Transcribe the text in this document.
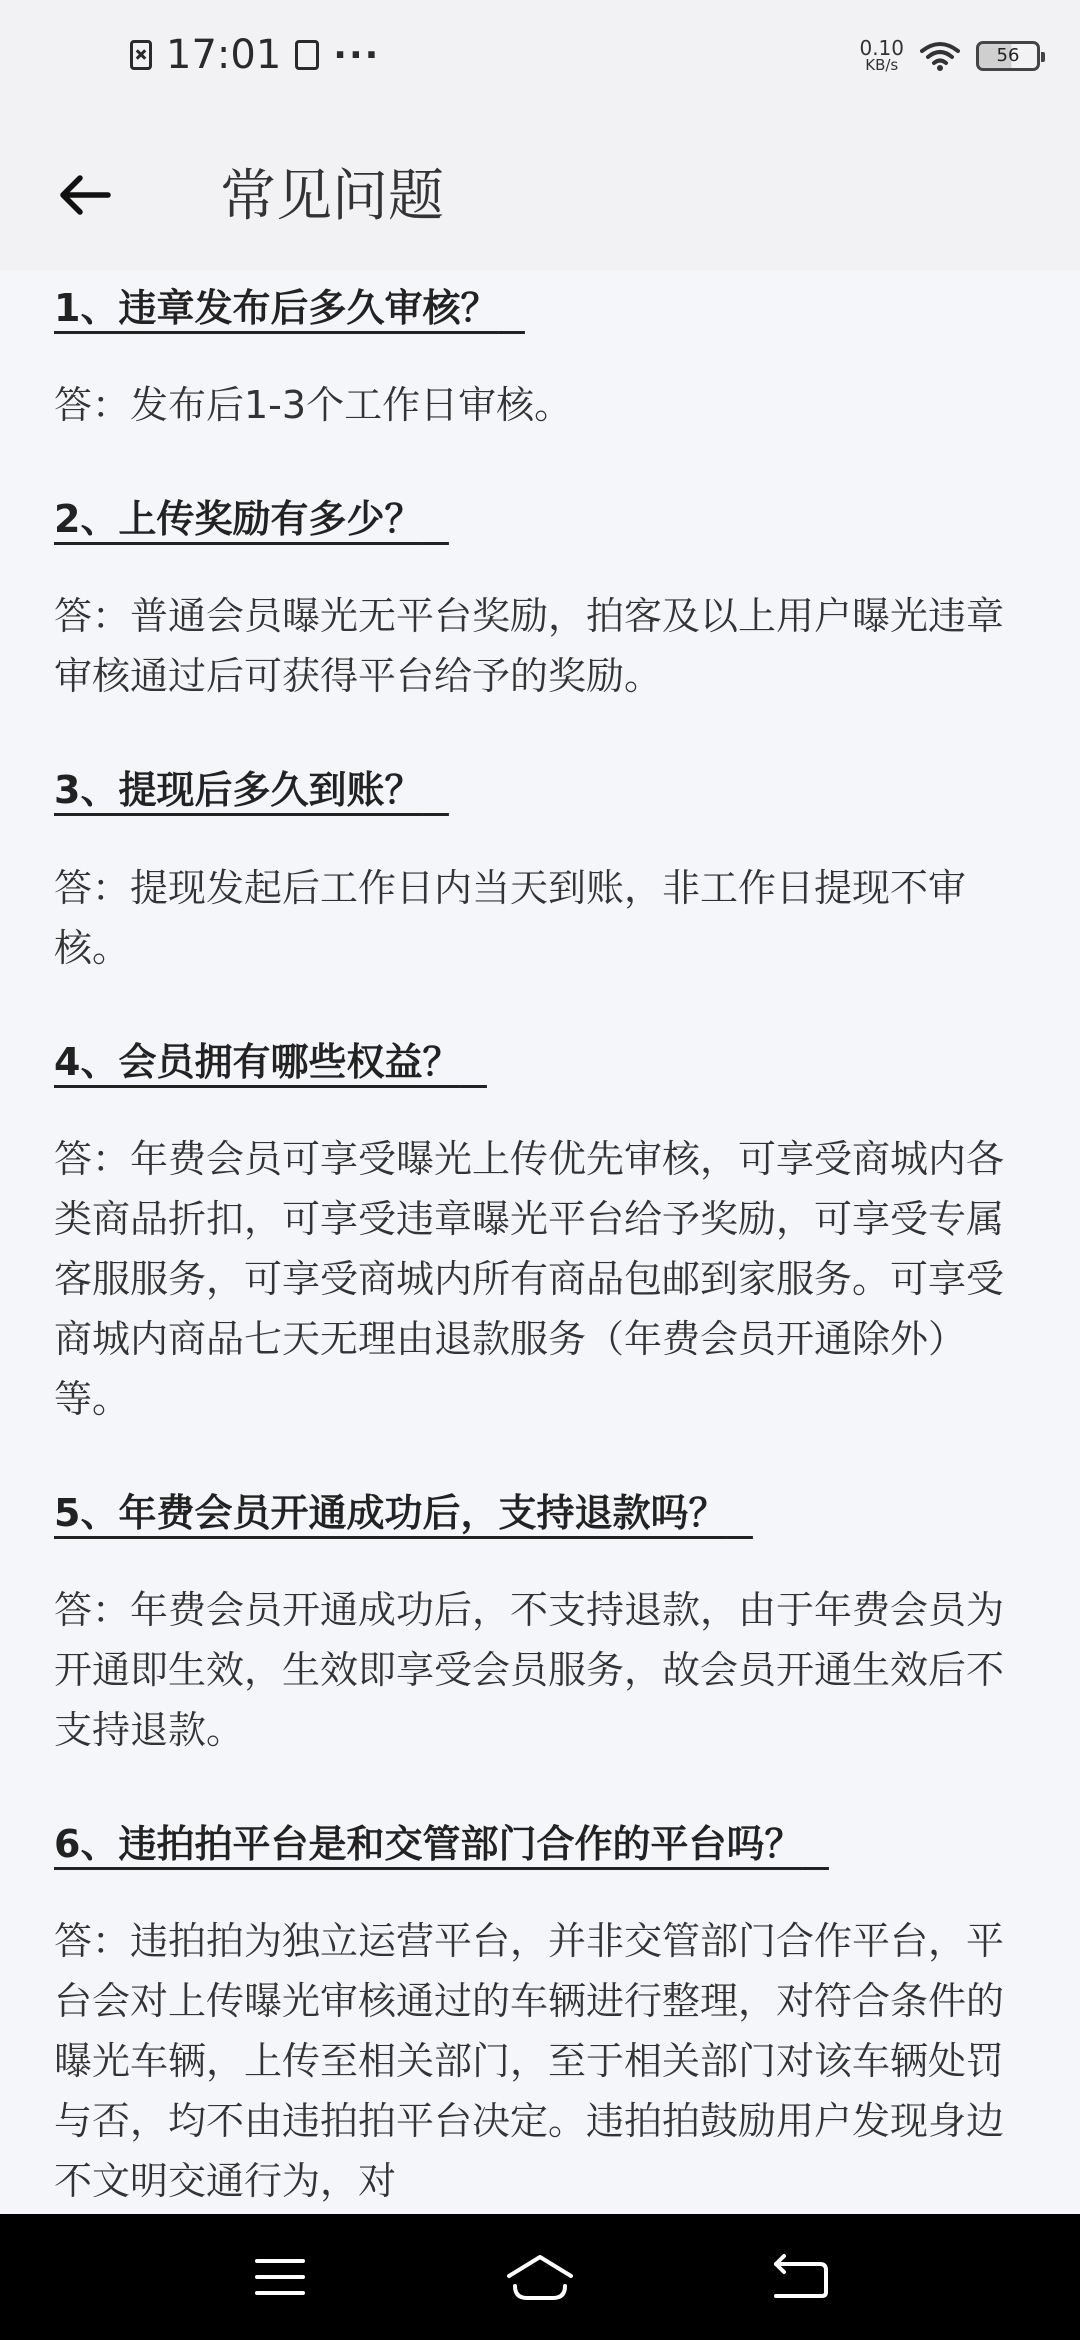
17:01 ···	0.10
KB/s	56
常见问题
1、违章发布后多久审核？
答：发布后1-3个工作日审核。
2、上传奖励有多少？
答：普通会员曝光无平台奖励，拍客及以上用户曝光违章审核通过后可获得平台给予的奖励。
3、提现后多久到账？
答：提现发起后工作日内当天到账，非工作日提现不审核。
4、会员拥有哪些权益？
答：年费会员可享受曝光上传优先审核，可享受商城内各类商品折扣，可享受违章曝光平台给予奖励，可享受专属客服服务，可享受商城内所有商品包邮到家服务。可享受商城内商品七天无理由退款服务（年费会员开通除外）等。
5、年费会员开通成功后，支持退款吗？
答：年费会员开通成功后，不支持退款，由于年费会员为开通即生效，生效即享受会员服务，故会员开通生效后不支持退款。
6、违拍拍平台是和交管部门合作的平台吗？
答：违拍拍为独立运营平台，并非交管部门合作平台，平台会对上传曝光审核通过的车辆进行整理，对符合条件的曝光车辆，上传至相关部门，至于相关部门对该车辆处罚与否，均不由违拍拍平台决定。违拍拍鼓励用户发现身边不文明交通行为，对
